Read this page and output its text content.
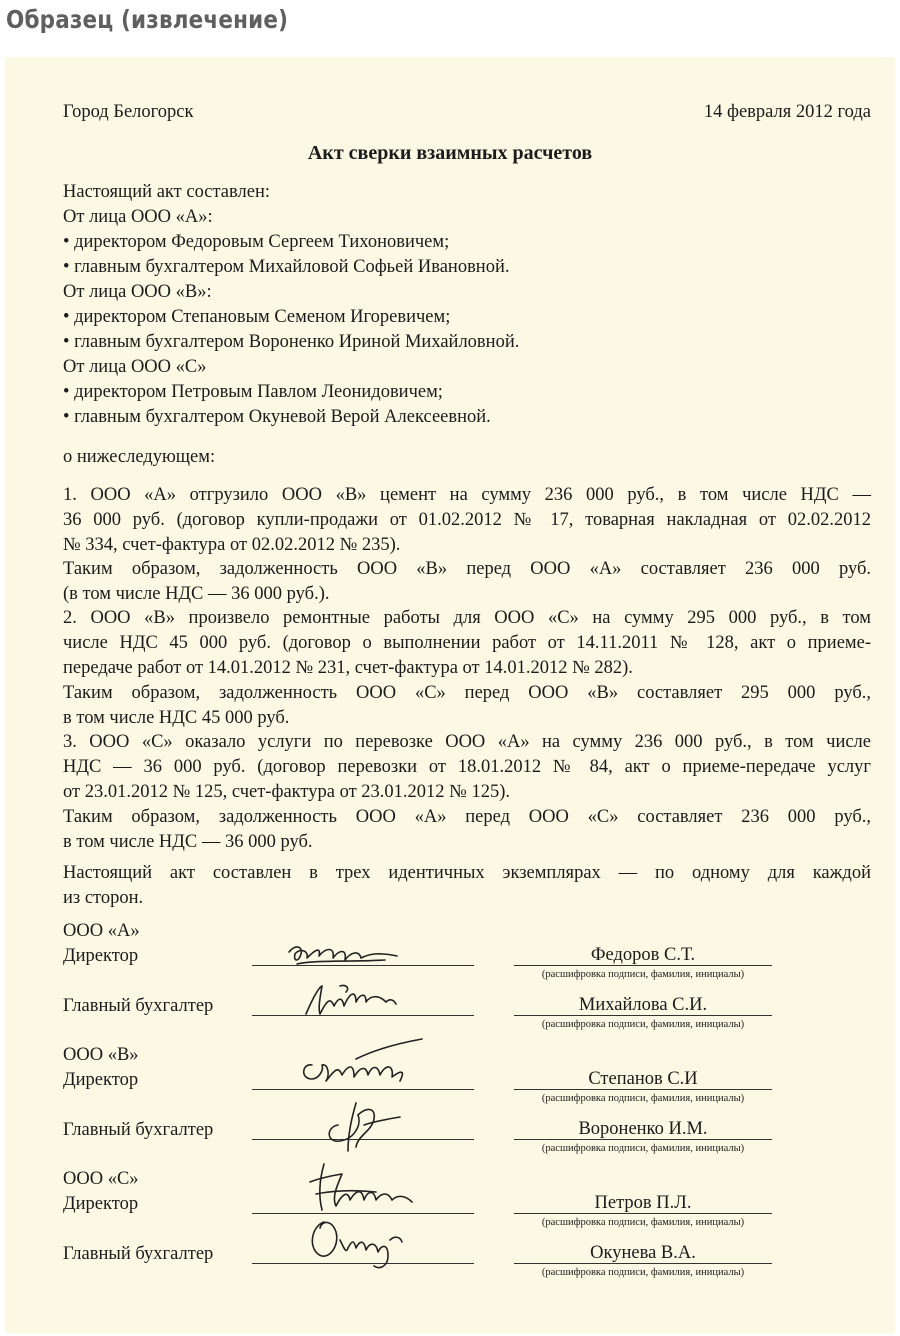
Образец (извлечение)
Город Белогорск	14 февраля 2012 года
Акт сверки взаимных расчетов
Настоящий акт составлен:
От лица ООО «А»:
• директором Федоровым Сергеем Тихоновичем;
• главным бухгалтером Михайловой Софьей Ивановной.
От лица ООО «В»:
• директором Степановым Семеном Игоревичем;
• главным бухгалтером Вороненко Ириной Михайловной.
От лица ООО «С»
• директором Петровым Павлом Леонидовичем;
• главным бухгалтером Окуневой Верой Алексеевной.
о нижеследующем:
1. ООО «А» отгрузило ООО «В» цемент на сумму 236 000 руб., в том числе НДС —
36 000 руб. (договор купли-продажи от 01.02.2012 № 17, товарная накладная от 02.02.2012
№ 334, счет-фактура от 02.02.2012 № 235).
Таким образом, задолженность ООО «В» перед ООО «А» составляет 236 000 руб.
(в том числе НДС — 36 000 руб.).
2. ООО «В» произвело ремонтные работы для ООО «С» на сумму 295 000 руб., в том
числе НДС 45 000 руб. (договор о выполнении работ от 14.11.2011 № 128, акт о приеме-
передаче работ от 14.01.2012 № 231, счет-фактура от 14.01.2012 № 282).
Таким образом, задолженность ООО «С» перед ООО «В» составляет 295 000 руб.,
в том числе НДС 45 000 руб.
3. ООО «С» оказало услуги по перевозке ООО «А» на сумму 236 000 руб., в том числе
НДС — 36 000 руб. (договор перевозки от 18.01.2012 № 84, акт о приеме-передаче услуг
от 23.01.2012 № 125, счет-фактура от 23.01.2012 № 125).
Таким образом, задолженность ООО «А» перед ООО «С» составляет 236 000 руб.,
в том числе НДС — 36 000 руб.
Настоящий акт составлен в трех идентичных экземплярах — по одному для каждой
из сторон.
ООО «А»
Директор
Главный бухгалтер
ООО «В»
Директор
Главный бухгалтер
ООО «С»
Директор
Главный бухгалтер
Федоров С.Т.
Михайлова С.И.
Степанов С.И
Вороненко И.М.
Петров П.Л.
Окунева В.А.
(расшифровка подписи, фамилия, инициалы)
(расшифровка подписи, фамилия, инициалы)
(расшифровка подписи, фамилия, инициалы)
(расшифровка подписи, фамилия, инициалы)
(расшифровка подписи, фамилия, инициалы)
(расшифровка подписи, фамилия, инициалы)
